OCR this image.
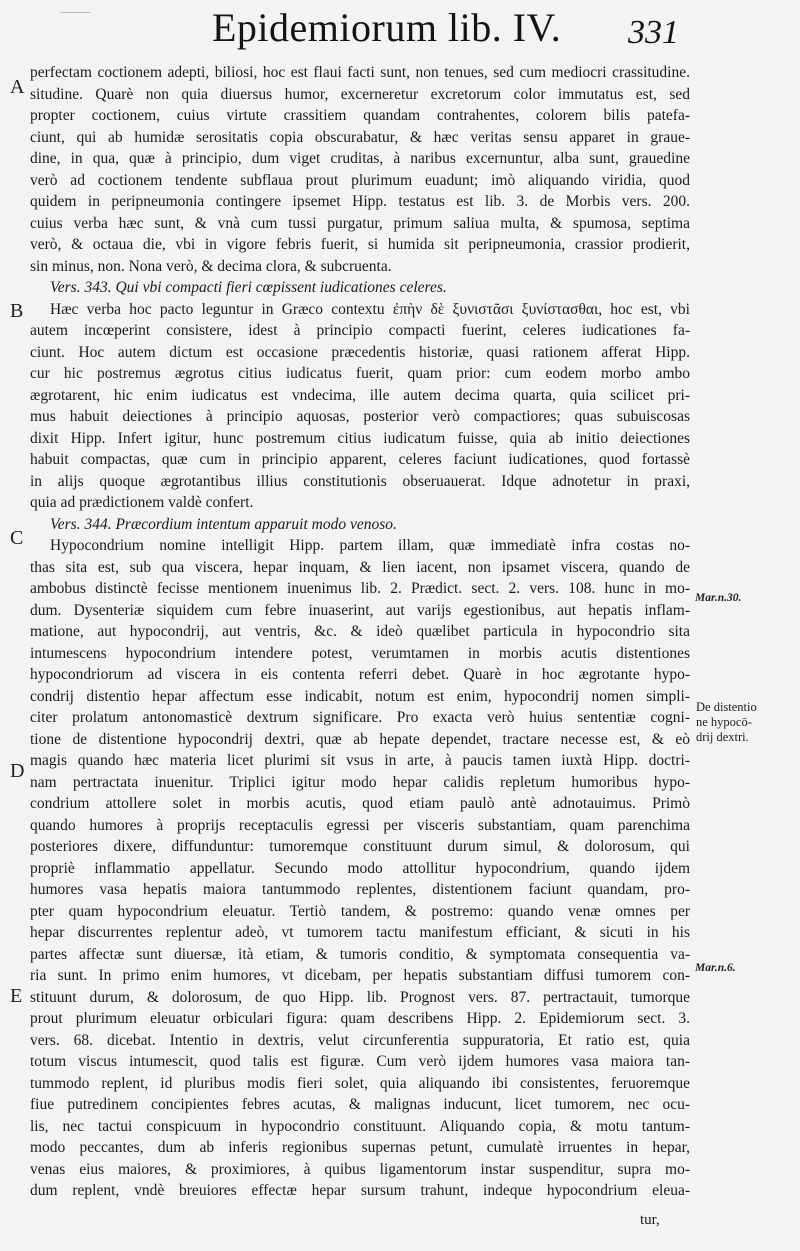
Epidemiorum lib. IV. 331
A
B
C
D
E
Mar.n.30.
De distentio
ne hypocō-
drij dextri.
Mar.n.6.
perfectam coctionem adepti, biliosi, hoc est flaui facti sunt, non tenues, sed cum mediocri crassitudine.
situdine. Quarè non quia diuersus humor, excerneretur excretorum color immutatus est, sed
propter coctionem, cuius virtute crassitiem quandam contrahentes, colorem bilis patefa-
ciunt, qui ab humidæ serositatis copia obscurabatur, & hæc veritas sensu apparet in graue-
dine, in qua, quæ à principio, dum viget cruditas, à naribus excernuntur, alba sunt, grauedine
verò ad coctionem tendente subflaua prout plurimum euadunt; imò aliquando viridia, quod
quidem in peripneumonia contingere ipsemet Hipp. testatus est lib. 3. de Morbis vers. 200.
cuius verba hæc sunt, & vnà cum tussi purgatur, primum saliua multa, & spumosa, septima
verò, & octaua die, vbi in vigore febris fuerit, si humida sit peripneumonia, crassior prodierit,
sin minus, non. Nona verò, & decima clora, & subcruenta.
Vers. 343. Qui vbi compacti fieri cœpissent iudicationes celeres.
Hæc verba hoc pacto leguntur in Græco contextu ἐπὴν δὲ ξυνιστᾶσι ξυνίστασθαι, hoc est, vbi
autem incœperint consistere, idest à principio compacti fuerint, celeres iudicationes fa-
ciunt. Hoc autem dictum est occasione præcedentis historiæ, quasi rationem afferat Hipp.
cur hic postremus ægrotus citius iudicatus fuerit, quam prior: cum eodem morbo ambo
ægrotarent, hic enim iudicatus est vndecima, ille autem decima quarta, quia scilicet pri-
mus habuit deiectiones à principio aquosas, posterior verò compactiores; quas subuiscosas
dixit Hipp. Infert igitur, hunc postremum citius iudicatum fuisse, quia ab initio deiectiones
habuit compactas, quæ cum in principio apparent, celeres faciunt iudicationes, quod fortassè
in alijs quoque ægrotantibus illius constitutionis obseruauerat. Idque adnotetur in praxi,
quia ad prædictionem valdè confert.
Vers. 344. Præcordium intentum apparuit modo venoso.
Hypocondrium nomine intelligit Hipp. partem illam, quæ immediatè infra costas no-
thas sita est, sub qua viscera, hepar inquam, & lien iacent, non ipsamet viscera, quando de
ambobus distinctè fecisse mentionem inuenimus lib. 2. Prædict. sect. 2. vers. 108. hunc in mo-
dum. Dysenteriæ siquidem cum febre inuaserint, aut varijs egestionibus, aut hepatis inflam-
matione, aut hypocondrij, aut ventris, &c. & ideò quælibet particula in hypocondrio sita
intumescens hypocondrium intendere potest, verumtamen in morbis acutis distentiones
hypocondriorum ad viscera in eis contenta referri debet. Quarè in hoc ægrotante hypo-
condrij distentio hepar affectum esse indicabit, notum est enim, hypocondrij nomen simpli-
citer prolatum antonomasticè dextrum significare. Pro exacta verò huius sententiæ cogni-
tione de distentione hypocondrij dextri, quæ ab hepate dependet, tractare necesse est, & eò
magis quando hæc materia licet plurimi sit vsus in arte, à paucis tamen iuxtà Hipp. doctri-
nam pertractata inuenitur. Triplici igitur modo hepar calidis repletum humoribus hypo-
condrium attollere solet in morbis acutis, quod etiam paulò antè adnotauimus. Primò
quando humores à proprijs receptaculis egressi per visceris substantiam, quam parenchima
posteriores dixere, diffunduntur: tumoremque constituunt durum simul, & dolorosum, qui
propriè inflammatio appellatur. Secundo modo attollitur hypocondrium, quando ijdem
humores vasa hepatis maiora tantummodo replentes, distentionem faciunt quandam, pro-
pter quam hypocondrium eleuatur. Tertiò tandem, & postremo: quando venæ omnes per
hepar discurrentes replentur adeò, vt tumorem tactu manifestum efficiant, & sicuti in his
partes affectæ sunt diuersæ, ità etiam, & tumoris conditio, & symptomata consequentia va-
ria sunt. In primo enim humores, vt dicebam, per hepatis substantiam diffusi tumorem con-
stituunt durum, & dolorosum, de quo Hipp. lib. Prognost vers. 87. pertractauit, tumorque
prout plurimum eleuatur orbiculari figura: quam describens Hipp. 2. Epidemiorum sect. 3.
vers. 68. dicebat. Intentio in dextris, velut circunferentia suppuratoria, Et ratio est, quia
totum viscus intumescit, quod talis est figuræ. Cum verò ijdem humores vasa maiora tan-
tummodo replent, id pluribus modis fieri solet, quia aliquando ibi consistentes, feruoremque
fiue putredinem concipientes febres acutas, & malignas inducunt, licet tumorem, nec ocu-
lis, nec tactui conspicuum in hypocondrio constituunt. Aliquando copia, & motu tantum-
modo peccantes, dum ab inferis regionibus supernas petunt, cumulatè irruentes in hepar,
venas eius maiores, & proximiores, à quibus ligamentorum instar suspenditur, supra mo-
dum replent, vndè breuiores effectæ hepar sursum trahunt, indeque hypocondrium eleua-
tur,
